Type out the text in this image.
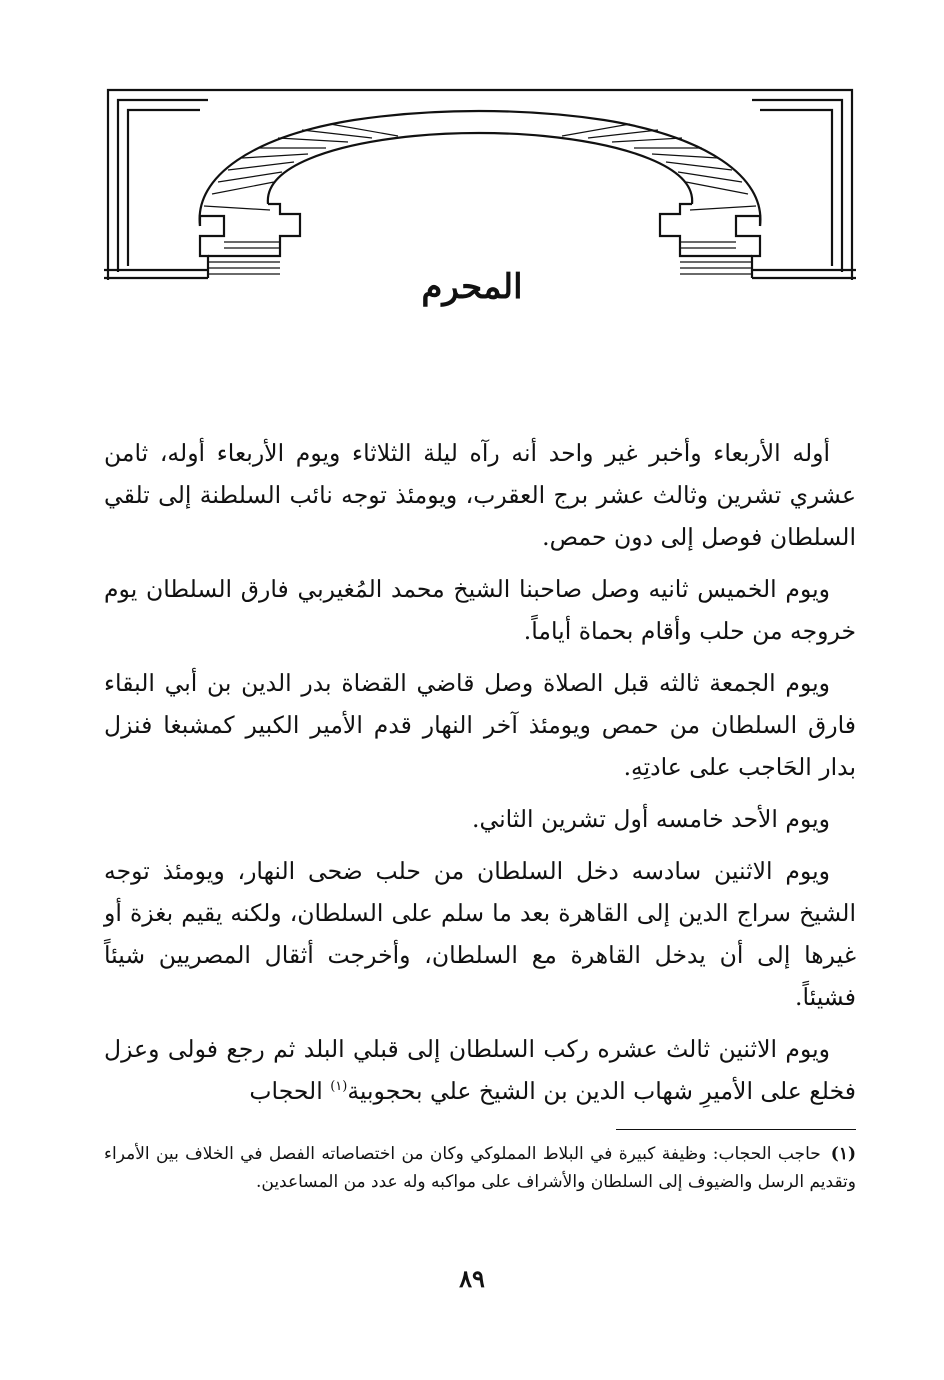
المحرم

أوله الأربعاء وأخبر غير واحد أنه رآه ليلة الثلاثاء ويوم الأربعاء أوله، ثامن عشري تشرين وثالث عشر برج العقرب، ويومئذ توجه نائب السلطنة إلى تلقي السلطان فوصل إلى دون حمص.

ويوم الخميس ثانيه وصل صاحبنا الشيخ محمد المُغيربي فارق السلطان يوم خروجه من حلب وأقام بحماة أياماً.

ويوم الجمعة ثالثه قبل الصلاة وصل قاضي القضاة بدر الدين بن أبي البقاء فارق السلطان من حمص ويومئذ آخر النهار قدم الأمير الكبير كمشبغا فنزل بدار الحَاجب على عادتِهِ.

ويوم الأحد خامسه أول تشرين الثاني.

ويوم الاثنين سادسه دخل السلطان من حلب ضحى النهار، ويومئذ توجه الشيخ سراج الدين إلى القاهرة بعد ما سلم على السلطان، ولكنه يقيم بغزة أو غيرها إلى أن يدخل القاهرة مع السلطان، وأخرجت أثقال المصريين شيئاً فشيئاً.

ويوم الاثنين ثالث عشره ركب السلطان إلى قبلي البلد ثم رجع فولى وعزل فخلع على الأميرِ شهاب الدين بن الشيخ علي بحجوبية$^{(١)}$ الحجاب

(١)حاجب الحجاب: وظيفة كبيرة في البلاط المملوكي وكان من اختصاصاته الفصل في الخلاف بين الأمراء وتقديم الرسل والضيوف إلى السلطان والأشراف على مواكبه وله عدد من المساعدين.

٨٩
